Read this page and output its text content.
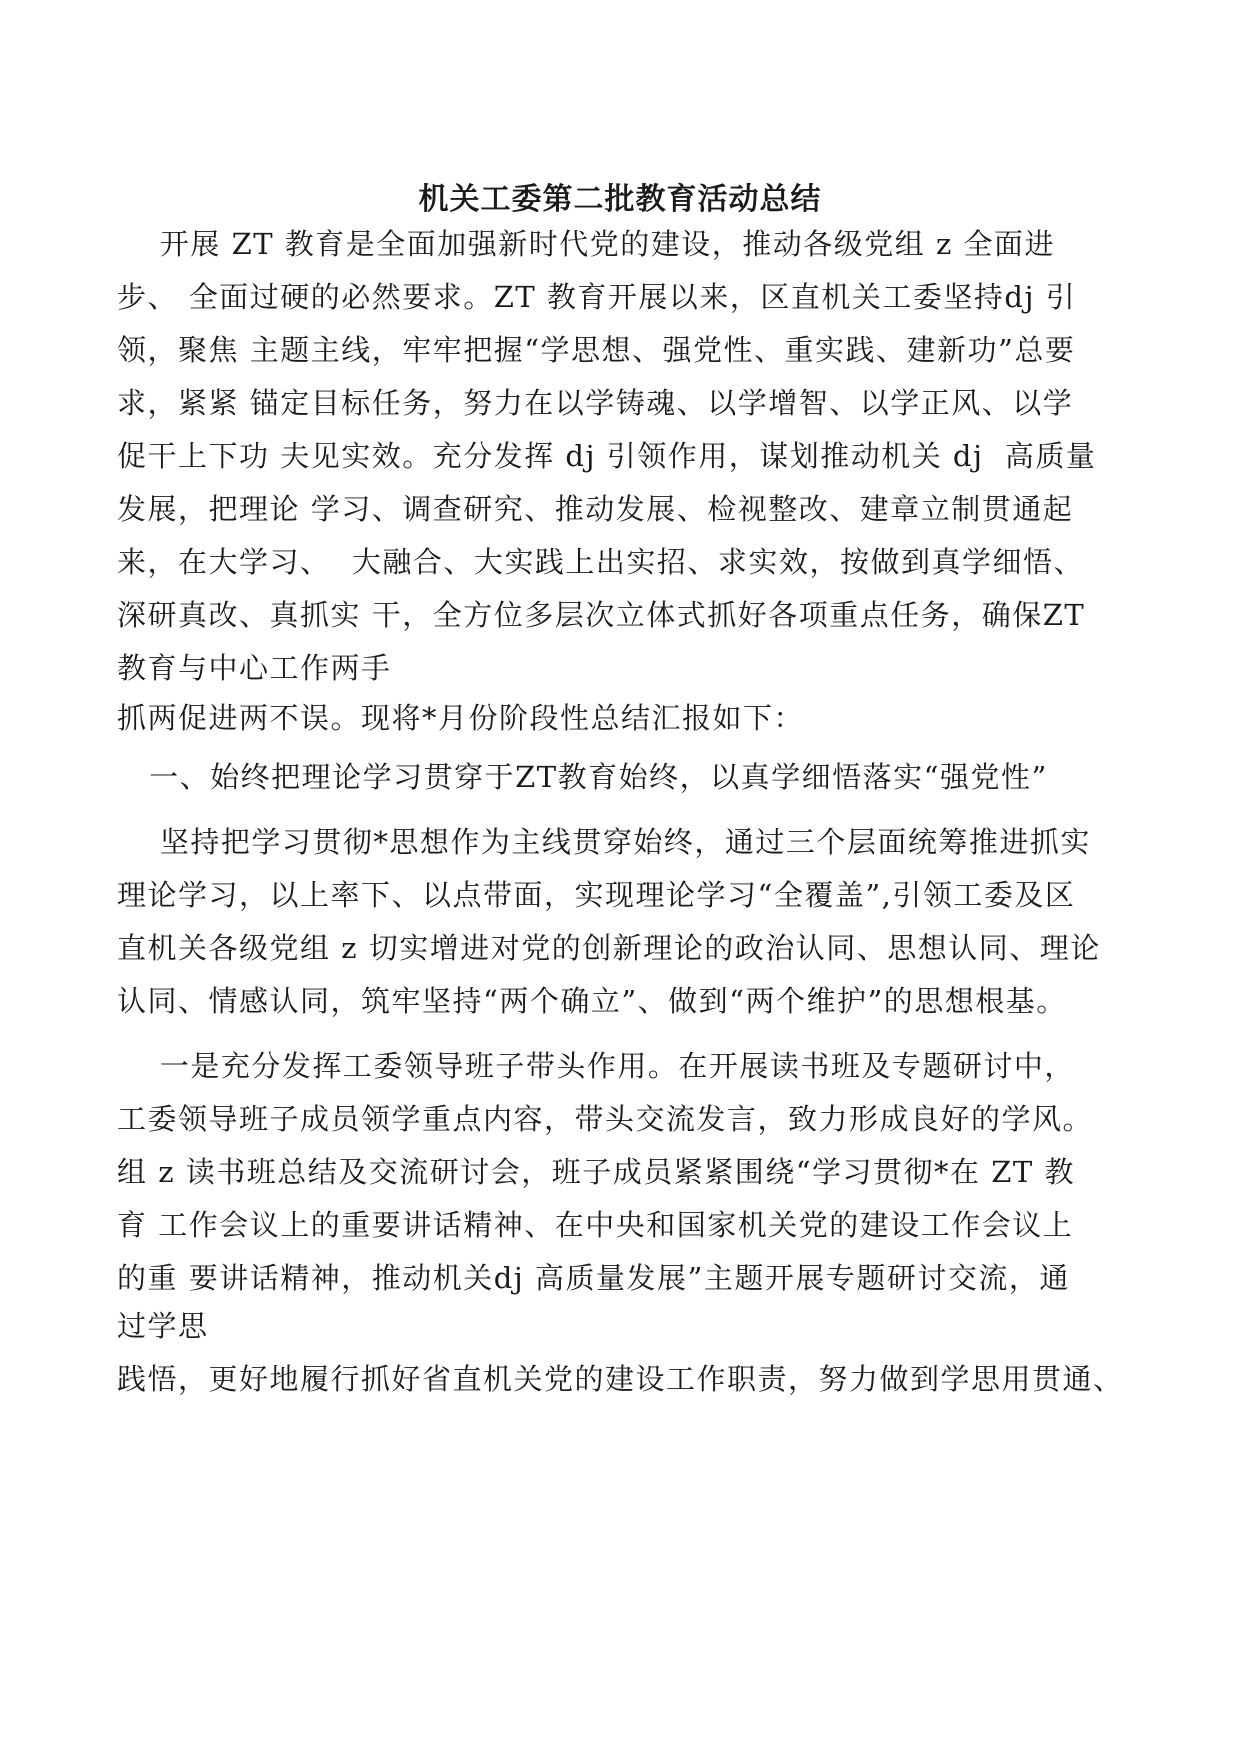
机关工委第二批教育活动总结
开展 ZT 教育是全面加强新时代党的建设，推动各级党组 z 全面进
步、 全面过硬的必然要求。ZT 教育开展以来，区直机关工委坚持dj 引
领，聚焦 主题主线，牢牢把握“学思想、强党性、重实践、建新功”总要
求，紧紧 锚定目标任务，努力在以学铸魂、以学增智、以学正风、以学
促干上下功 夫见实效。充分发挥 dj 引领作用，谋划推动机关 dj  高质量
发展，把理论 学习、调查研究、推动发展、检视整改、建章立制贯通起
来，在大学习、  大融合、大实践上出实招、求实效，按做到真学细悟、
深研真改、真抓实 干，全方位多层次立体式抓好各项重点任务，确保ZT
教育与中心工作两手
抓两促进两不误。现将*月份阶段性总结汇报如下：
一、始终把理论学习贯穿于ZT教育始终，以真学细悟落实“强党性”
坚持把学习贯彻*思想作为主线贯穿始终，通过三个层面统筹推进抓实
理论学习，以上率下、以点带面，实现理论学习“全覆盖”,引领工委及区
直机关各级党组 z 切实增进对党的创新理论的政治认同、思想认同、理论
认同、情感认同，筑牢坚持“两个确立”、做到“两个维护”的思想根基。
一是充分发挥工委领导班子带头作用。在开展读书班及专题研讨中，
工委领导班子成员领学重点内容，带头交流发言，致力形成良好的学风。
组 z 读书班总结及交流研讨会，班子成员紧紧围绕“学习贯彻*在 ZT 教
育 工作会议上的重要讲话精神、在中央和国家机关党的建设工作会议上
的重 要讲话精神，推动机关dj 高质量发展”主题开展专题研讨交流，通
过学思
践悟，更好地履行抓好省直机关党的建设工作职责，努力做到学思用贯通、
